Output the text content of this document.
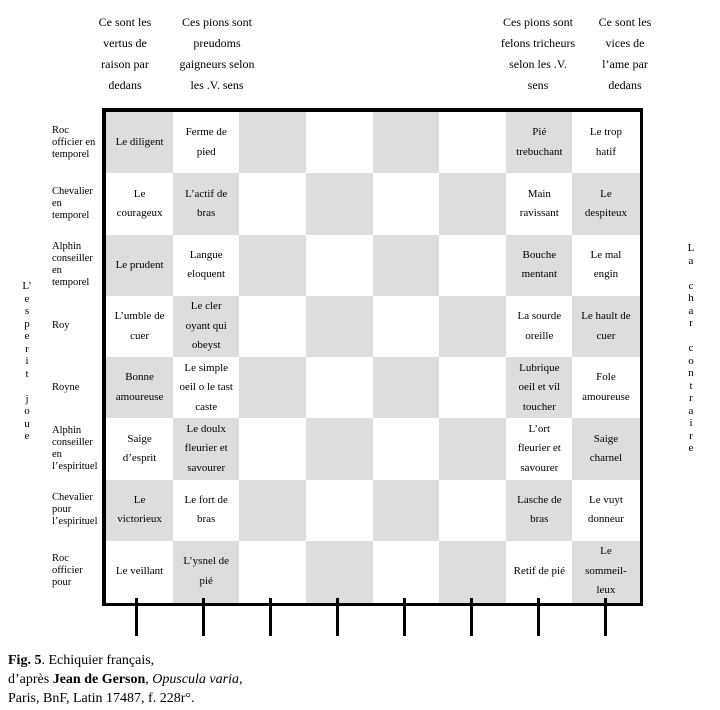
Ce sont les
vertus de
raison par
dedans
Ces pions sont
preudoms
gaigneurs selon
les .V. sens
Ces pions sont
felons tricheurs
selon les .V.
sens
Ce sont les
vices de
l’ame par
dedans
L’
e
s
p
e
r
i
t

j
o
u
e
L
a

c
h
a
r

c
o
n
t
r
a
i
r
e
Roc
officier en
temporel
Chevalier
en
temporel
Alphin
conseiller
en
temporel
Roy
Royne
Alphin
conseiller
en
l’espirituel
Chevalier
pour
l’espirituel
Roc
officier
pour
Le diligent
Ferme de
pied
Pié
trebuchant
Le trop
hatif
Le
courageux
L’actif de
bras
Main
ravissant
Le
despiteux
Le prudent
Langue
eloquent
Bouche
mentant
Le mal
engin
L’umble de
cuer
Le cler
oyant qui
obeyst
La sourde
oreille
Le hault de
cuer
Bonne
amoureuse
Le simple
oeil o le tast
caste
Lubrique
oeil et vil
toucher
Fole
amoureuse
Saige
d’esprit
Le doulx
fleurier et
savourer
L’ort
fleurier et
savourer
Saige
charnel
Le
victorieux
Le fort de
bras
Lasche de
bras
Le vuyt
donneur
Le veillant
L’ysnel de
pié
Retif de pié
Le
sommeil-
leux
Fig. 5. Echiquier français,
d’après Jean de Gerson, Opuscula varia,
Paris, BnF, Latin 17487, f. 228r°.
